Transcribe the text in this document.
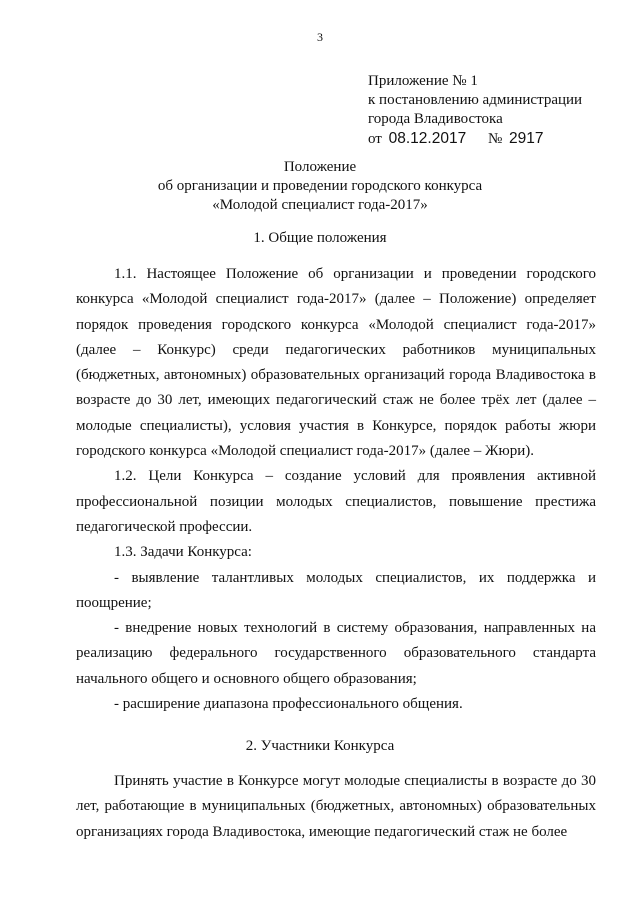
3
Приложение № 1
к постановлению администрации
города Владивостока
от 08.12.2017 № 2917
Положение
об организации и проведении городского конкурса
«Молодой специалист года-2017»
1. Общие положения

1.1. Настоящее Положение об организации и проведении городского конкурса «Молодой специалист года-2017» (далее – Положение) определяет порядок проведения городского конкурса «Молодой специалист года-2017» (далее – Конкурс) среди педагогических работников муниципальных (бюджетных, автономных) образовательных организаций города Владивостока в возрасте до 30 лет, имеющих педагогический стаж не более трёх лет (далее – молодые специалисты), условия участия в Конкурсе, порядок работы жюри городского конкурса «Молодой специалист года-2017» (далее – Жюри).

1.2. Цели Конкурса – создание условий для проявления активной профессиональной позиции молодых специалистов, повышение престижа педагогической профессии.

1.3. Задачи Конкурса:

- выявление талантливых молодых специалистов, их поддержка и поощрение;

- внедрение новых технологий в систему образования, направленных на реализацию федерального государственного образовательного стандарта начального общего и основного общего образования;

- расширение диапазона профессионального общения.

2. Участники Конкурса

Принять участие в Конкурсе могут молодые специалисты в возрасте до 30 лет, работающие в муниципальных (бюджетных, автономных) образовательных организациях города Владивостока, имеющие педагогический стаж не более
